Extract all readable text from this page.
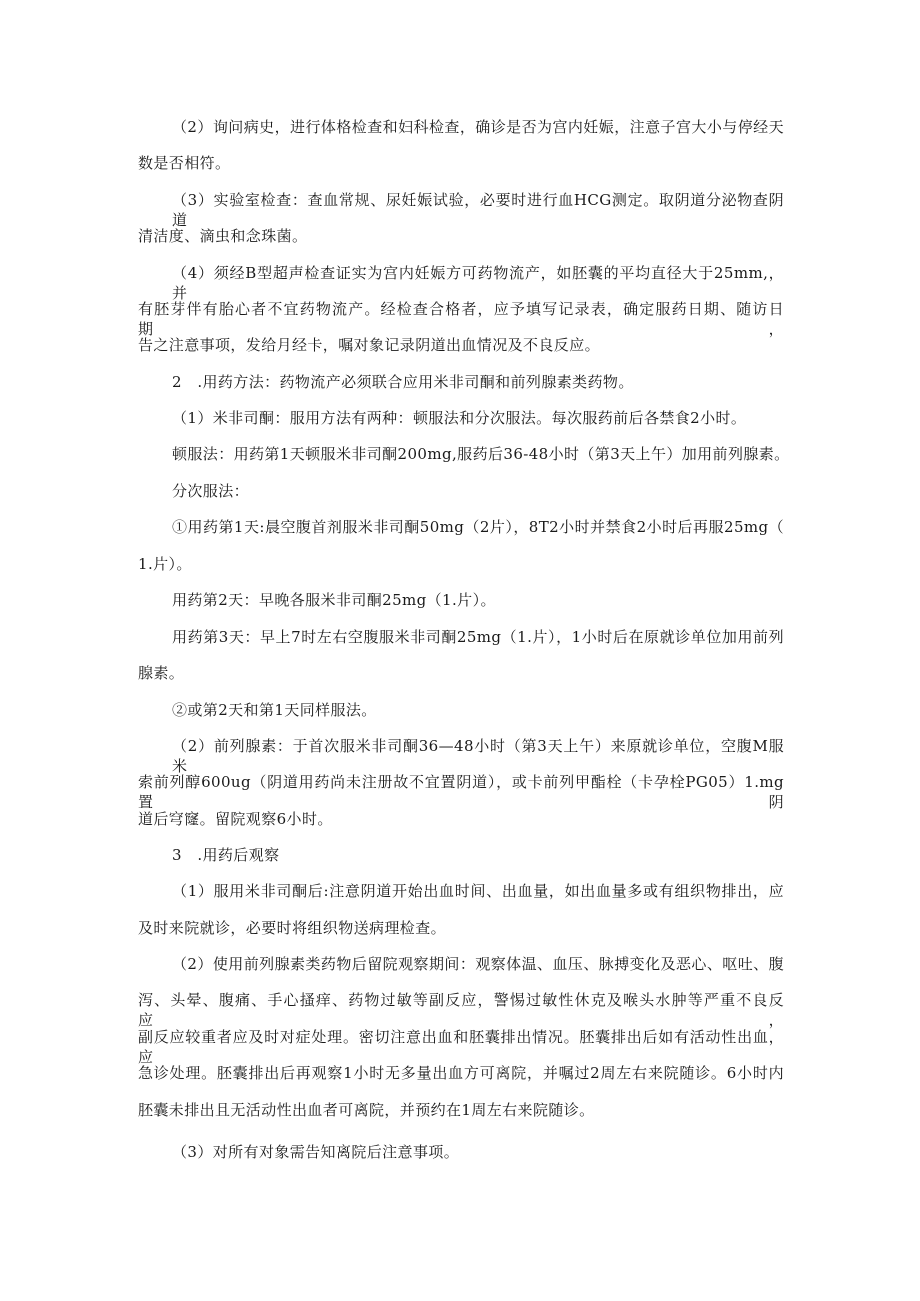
（2）询问病史，进行体格检查和妇科检查，确诊是否为宫内妊娠，注意子宫大小与停经天
数是否相符。
（3）实验室检查：查血常规、尿妊娠试验，必要时进行血HCG测定。取阴道分泌物查阴道
清洁度、滴虫和念珠菌。
（4）须经B型超声检查证实为宫内妊娠方可药物流产，如胚囊的平均直径大于25mm,，并
有胚芽伴有胎心者不宜药物流产。经检查合格者，应予填写记录表，确定服药日期、随访日期，
告之注意事项，发给月经卡，嘱对象记录阴道出血情况及不良反应。
2　.用药方法：药物流产必须联合应用米非司酮和前列腺素类药物。
（1）米非司酮：服用方法有两种：顿服法和分次服法。每次服药前后各禁食2小时。
顿服法：用药第1天顿服米非司酮200mg,服药后36-48小时（第3天上午）加用前列腺素。
分次服法：
①用药第1天:晨空腹首剂服米非司酮50mg（2片），8T2小时并禁食2小时后再服25mg（
1.片）。
用药第2天：早晚各服米非司酮25mg（1.片）。
用药第3天：早上7时左右空腹服米非司酮25mg（1.片），1小时后在原就诊单位加用前列
腺素。
②或第2天和第1天同样服法。
（2）前列腺素：于首次服米非司酮36—48小时（第3天上午）来原就诊单位，空腹M服米
索前列醇600ug（阴道用药尚未注册故不宜置阴道），或卡前列甲酯栓（卡孕栓PG05）1.mg置阴
道后穹窿。留院观察6小时。
3　.用药后观察
（1）服用米非司酮后:注意阴道开始出血时间、出血量，如出血量多或有组织物排出，应
及时来院就诊，必要时将组织物送病理检查。
（2）使用前列腺素类药物后留院观察期间：观察体温、血压、脉搏变化及恶心、呕吐、腹
泻、头晕、腹痛、手心搔痒、药物过敏等副反应，警惕过敏性休克及喉头水肿等严重不良反应，
副反应较重者应及时对症处理。密切注意出血和胚囊排出情况。胚囊排出后如有活动性出血，应
急诊处理。胚囊排出后再观察1小时无多量出血方可离院，并嘱过2周左右来院随诊。6小时内
胚囊未排出且无活动性出血者可离院，并预约在1周左右来院随诊。
（3）对所有对象需告知离院后注意事项。
